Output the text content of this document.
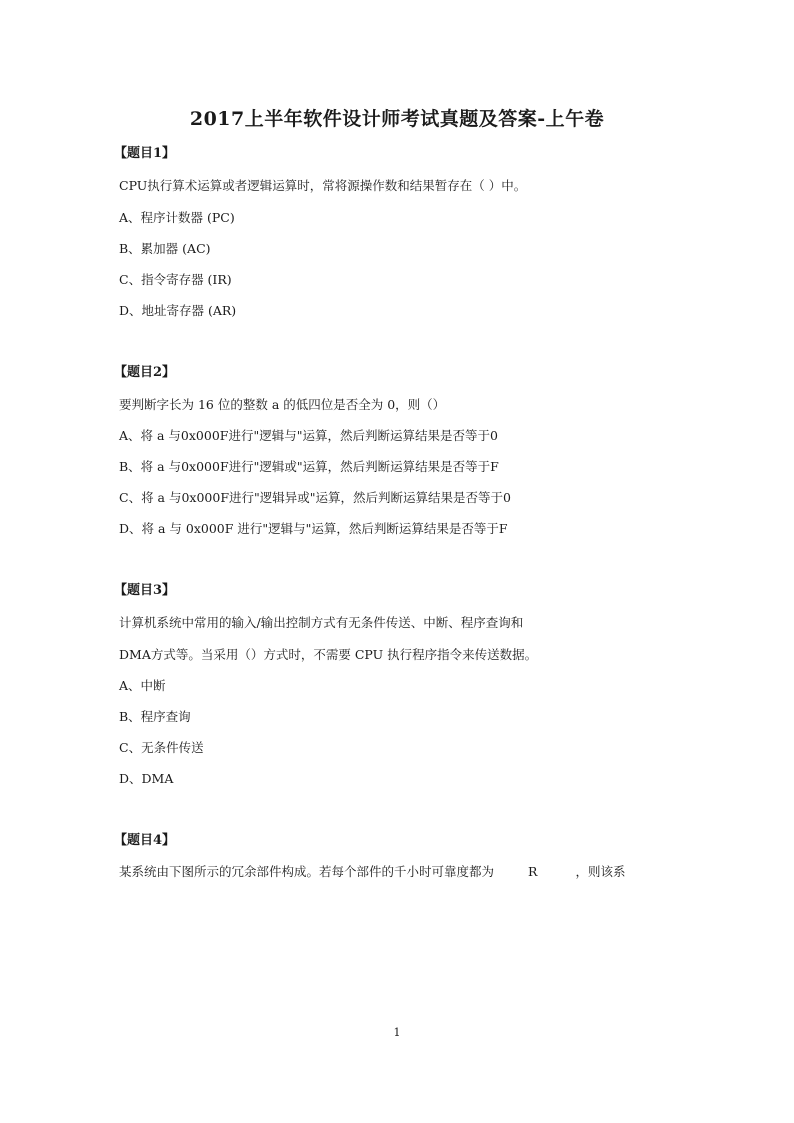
2017上半年软件设计师考试真题及答案-上午卷
【题目1】
CPU执行算术运算或者逻辑运算时，常将源操作数和结果暂存在（ ）中。
A、程序计数器 (PC)
B、累加器 (AC)
C、指令寄存器 (IR)
D、地址寄存器 (AR)
【题目2】
要判断字长为 16 位的整数 a 的低四位是否全为 0，则（）
A、将 a 与0x000F进行"逻辑与"运算，然后判断运算结果是否等于0
B、将 a 与0x000F进行"逻辑或"运算，然后判断运算结果是否等于F
C、将 a 与0x000F进行"逻辑异或"运算，然后判断运算结果是否等于0
D、将 a 与 0x000F 进行"逻辑与"运算，然后判断运算结果是否等于F
【题目3】
计算机系统中常用的输入/输出控制方式有无条件传送、中断、程序查询和
DMA方式等。当采用（）方式时，不需要 CPU 执行程序指令来传送数据。
A、中断
B、程序查询
C、无条件传送
D、DMA
【题目4】
某系统由下图所示的冗余部件构成。若每个部件的千小时可靠度都为	R	，则该系
1
